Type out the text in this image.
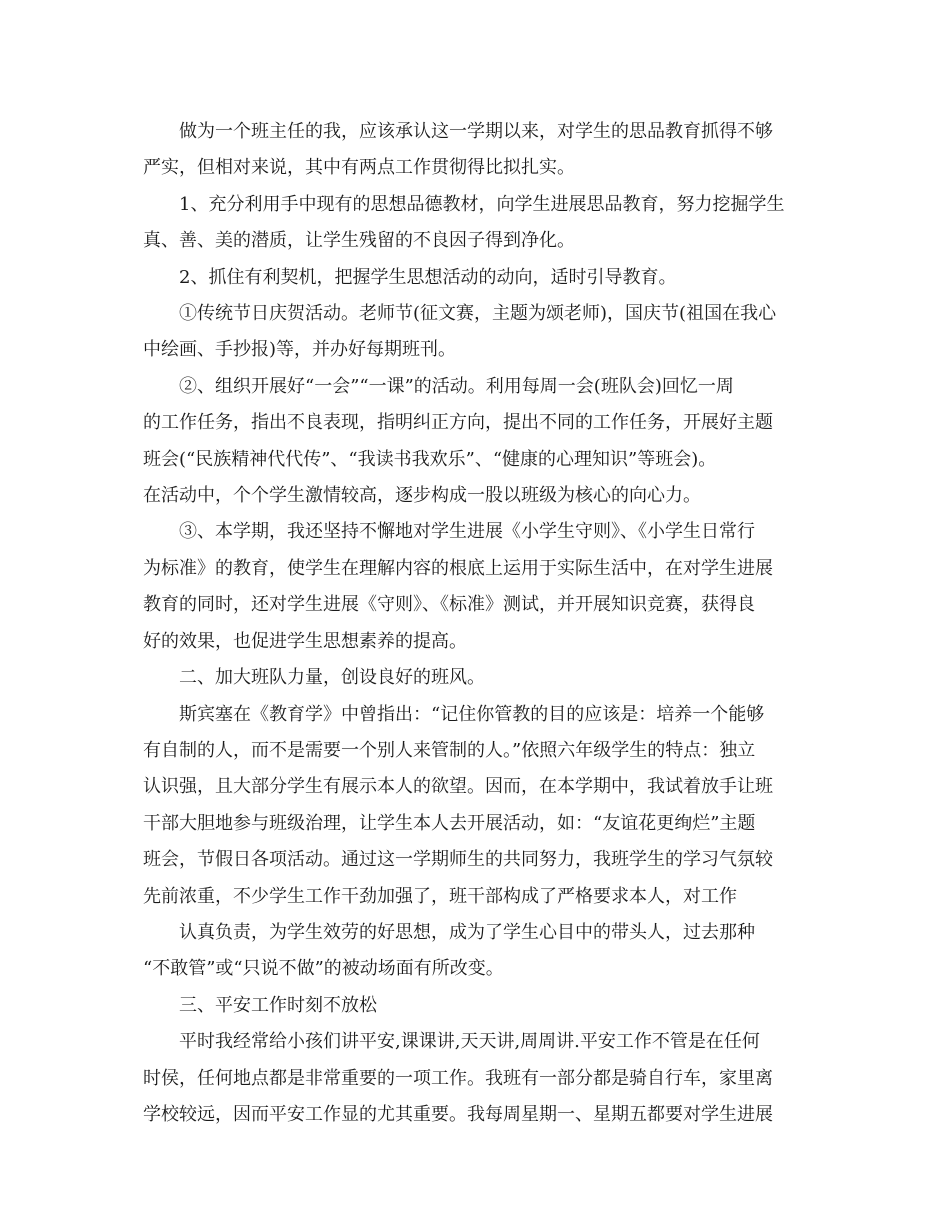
做为一个班主任的我，应该承认这一学期以来，对学生的思品教育抓得不够
严实，但相对来说，其中有两点工作贯彻得比拟扎实。
1、充分利用手中现有的思想品德教材，向学生进展思品教育，努力挖掘学生
真、善、美的潜质，让学生残留的不良因子得到净化。
2、抓住有利契机，把握学生思想活动的动向，适时引导教育。
①传统节日庆贺活动。老师节(征文赛，主题为颂老师)，国庆节(祖国在我心
中绘画、手抄报)等，并办好每期班刊。
②、组织开展好“一会”“一课”的活动。利用每周一会(班队会)回忆一周
的工作任务，指出不良表现，指明纠正方向，提出不同的工作任务，开展好主题
班会(“民族精神代代传”、“我读书我欢乐”、“健康的心理知识”等班会)。
在活动中，个个学生激情较高，逐步构成一股以班级为核心的向心力。
③、本学期，我还坚持不懈地对学生进展《小学生守则》、《小学生日常行
为标准》的教育，使学生在理解内容的根底上运用于实际生活中，在对学生进展
教育的同时，还对学生进展《守则》、《标准》测试，并开展知识竞赛，获得良
好的效果，也促进学生思想素养的提高。
二、加大班队力量，创设良好的班风。
斯宾塞在《教育学》中曾指出：“记住你管教的目的应该是：培养一个能够
有自制的人，而不是需要一个别人来管制的人。”依照六年级学生的特点：独立
认识强，且大部分学生有展示本人的欲望。因而，在本学期中，我试着放手让班
干部大胆地参与班级治理，让学生本人去开展活动，如：“友谊花更绚烂”主题
班会，节假日各项活动。通过这一学期师生的共同努力，我班学生的学习气氛较
先前浓重，不少学生工作干劲加强了，班干部构成了严格要求本人，对工作
认真负责，为学生效劳的好思想，成为了学生心目中的带头人，过去那种
“不敢管”或“只说不做”的被动场面有所改变。
三、平安工作时刻不放松
平时我经常给小孩们讲平安,课课讲,天天讲,周周讲.平安工作不管是在任何
时侯，任何地点都是非常重要的一项工作。我班有一部分都是骑自行车，家里离
学校较远，因而平安工作显的尤其重要。我每周星期一、星期五都要对学生进展
